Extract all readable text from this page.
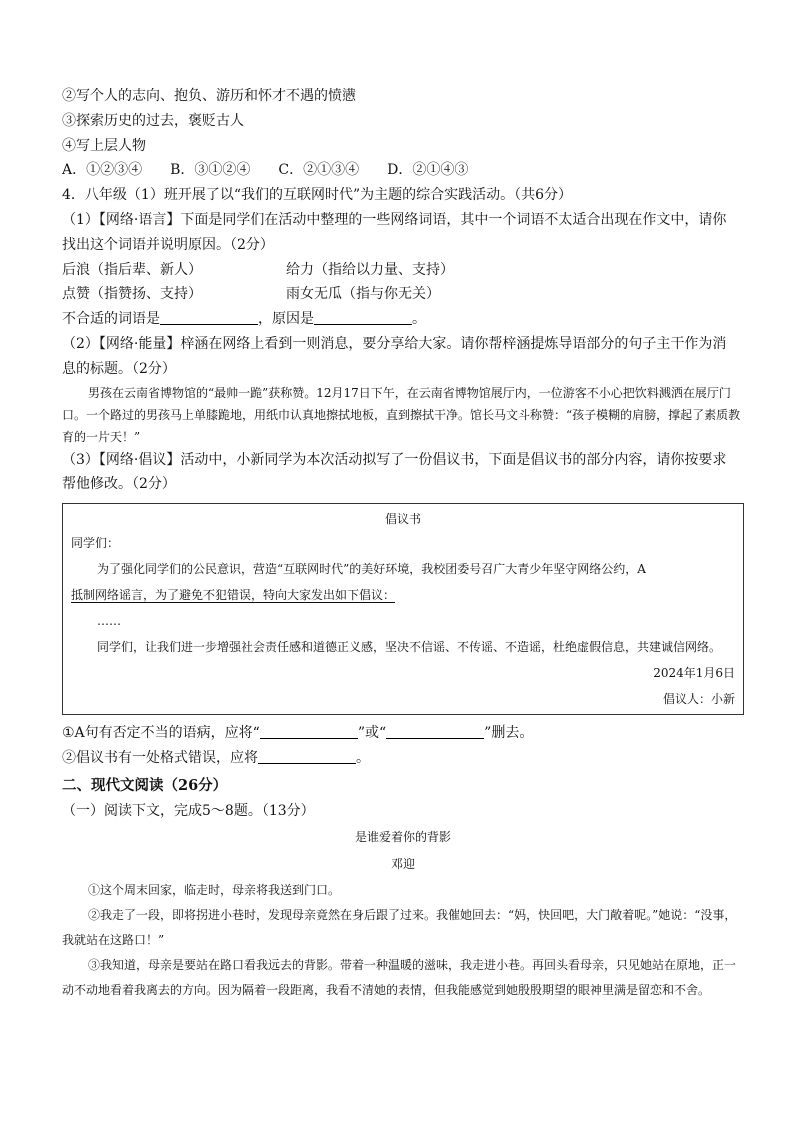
②写个人的志向、抱负、游历和怀才不遇的愤懑

③探索历史的过去，褒贬古人

④写上层人物

A．①②③④　　B．③①②④　　C．②①③④　　D．②①④③

4．八年级（1）班开展了以“我们的互联网时代”为主题的综合实践活动。（共6分）

（1）【网络·语言】下面是同学们在活动中整理的一些网络词语，其中一个词语不太适合出现在作文中，请你

找出这个词语并说明原因。（2分）

后浪（指后辈、新人）	给力（指给以力量、支持）

点赞（指赞扬、支持）	雨女无瓜（指与你无关）

不合适的词语是	，原因是	。

（2）【网络·能量】梓涵在网络上看到一则消息，要分享给大家。请你帮梓涵提炼导语部分的句子主干作为消

息的标题。（2分）

男孩在云南省博物馆的“最帅一跪”获称赞。12月17日下午，在云南省博物馆展厅内，一位游客不小心把饮料溅洒在展厅门口。一个路过的男孩马上单膝跪地，用纸巾认真地擦拭地板，直到擦拭干净。馆长马文斗称赞：“孩子模糊的肩膀，撑起了素质教育的一片天！”

（3）【网络·倡议】活动中，小新同学为本次活动拟写了一份倡议书，下面是倡议书的部分内容，请你按要求

帮他修改。（2分）

倡议书

同学们：

为了强化同学们的公民意识，营造“互联网时代”的美好环境，我校团委号召广大青少年坚守网络公约，A

抵制网络谣言，为了避免不犯错误，特向大家发出如下倡议：

……

同学们，让我们进一步增强社会责任感和道德正义感，坚决不信谣、不传谣、不造谣，杜绝虚假信息，共建诚信网络。

2024年1月6日

倡议人：小新

①A句有否定不当的语病，应将“	”或“	”删去。

②倡议书有一处格式错误，应将	。

二、现代文阅读（26分）

（一）阅读下文，完成5～8题。（13分）

是谁爱着你的背影

邓迎

①这个周末回家，临走时，母亲将我送到门口。

②我走了一段，即将拐进小巷时，发现母亲竟然在身后跟了过来。我催她回去：“妈，快回吧，大门敞着呢。”她说：“没事，我就站在这路口！”

③我知道，母亲是要站在路口看我远去的背影。带着一种温暖的滋味，我走进小巷。再回头看母亲，只见她站在原地，正一动不动地看着我离去的方向。因为隔着一段距离，我看不清她的表情，但我能感觉到她殷殷期望的眼神里满是留恋和不舍。
